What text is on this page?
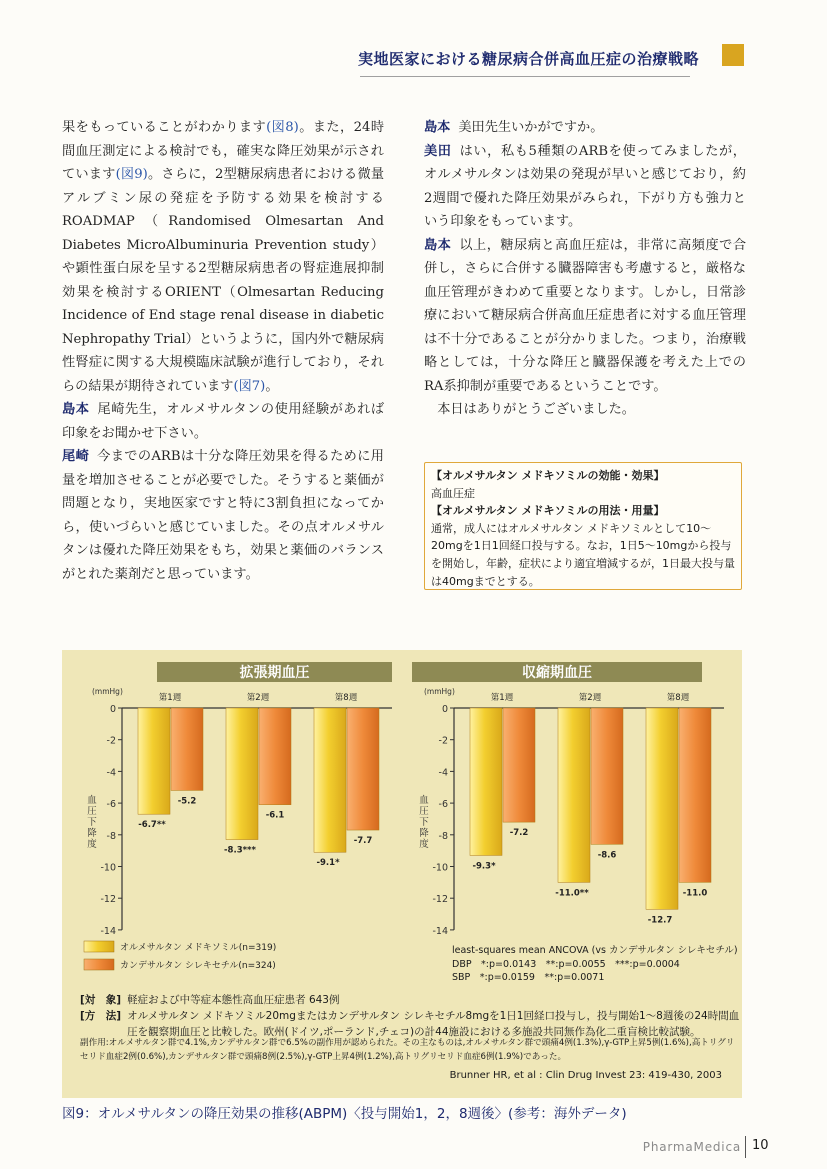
実地医家における糖尿病合併高血圧症の治療戦略

果をもっていることがわかります(図8)。また，24時間血圧測定による検討でも，確実な降圧効果が示されています(図9)。さらに，2型糖尿病患者における微量アルブミン尿の発症を予防する効果を検討するROADMAP（Randomised Olmesartan And Diabetes MicroAlbuminuria Prevention study）や顕性蛋白尿を呈する2型糖尿病患者の腎症進展抑制効果を検討するORIENT（Olmesartan Reducing Incidence of End stage renal disease in diabetic Nephropathy Trial）というように，国内外で糖尿病性腎症に関する大規模臨床試験が進行しており，それらの結果が期待されています(図7)。

島本 尾崎先生，オルメサルタンの使用経験があれば印象をお聞かせ下さい。

尾崎 今までのARBは十分な降圧効果を得るために用量を増加させることが必要でした。そうすると薬価が問題となり，実地医家ですと特に3割負担になってから，使いづらいと感じていました。その点オルメサルタンは優れた降圧効果をもち，効果と薬価のバランスがとれた薬剤だと思っています。

島本 美田先生いかがですか。

美田 はい，私も5種類のARBを使ってみましたが，オルメサルタンは効果の発現が早いと感じており，約2週間で優れた降圧効果がみられ，下がり方も強力という印象をもっています。

島本 以上，糖尿病と高血圧症は，非常に高頻度で合併し，さらに合併する臓器障害も考慮すると，厳格な血圧管理がきわめて重要となります。しかし，日常診療において糖尿病合併高血圧症患者に対する血圧管理は不十分であることが分かりました。つまり，治療戦略としては，十分な降圧と臓器保護を考えた上でのRA系抑制が重要であるということです。

　本日はありがとうございました。

【オルメサルタン メドキソミルの効能・効果】

高血圧症

【オルメサルタン メドキソミルの用法・用量】

通常，成人にはオルメサルタン メドキソミルとして10～20mgを1日1回経口投与する。なお，1日5～10mgから投与を開始し，年齢，症状により適宜増減するが，1日最大投与量は40mgまでとする。

拡張期血圧
(mmHg)
0
-2
-4
-6
-8
-10
-12
-14
血
圧
下
降
度
第1週
-6.7**
-5.2
第2週
-8.3***
-6.1
第8週
-9.1*
-7.7
収縮期血圧
(mmHg)
0
-2
-4
-6
-8
-10
-12
-14
血
圧
下
降
度
第1週
-9.3*
-7.2
第2週
-11.0**
-8.6
第8週
-12.7
-11.0
オルメサルタン メドキソミル(n=319)
カンデサルタン シレキセチル(n=324)
least-squares mean ANCOVA (vs カンデサルタン シレキセチル)
DBP　*:p=0.0143　**:p=0.0055　***:p=0.0004
SBP　*:p=0.0159　**:p=0.0071
[対　象] 軽症および中等症本態性高血圧症患者 643例
[方　法] オルメサルタン メドキソミル20mgまたはカンデサルタン シレキセチル8mgを1日1回経口投与し，投与開始1～8週後の24時間血圧を観察期血圧と比較した。欧州(ドイツ,ポーランド,チェコ)の計44施設における多施設共同無作為化二重盲検比較試験。
副作用:オルメサルタン群で4.1%,カンデサルタン群で6.5%の副作用が認められた。その主なものは,オルメサルタン群で頭痛4例(1.3%),γ-GTP上昇5例(1.6%),高トリグリセリド血症2例(0.6%),カンデサルタン群で頭痛8例(2.5%),γ-GTP上昇4例(1.2%),高トリグリセリド血症6例(1.9%)であった。
Brunner HR, et al : Clin Drug Invest 23: 419-430, 2003
図9：オルメサルタンの降圧効果の推移(ABPM)〈投与開始1，2，8週後〉(参考：海外データ)
PharmaMedica 10
